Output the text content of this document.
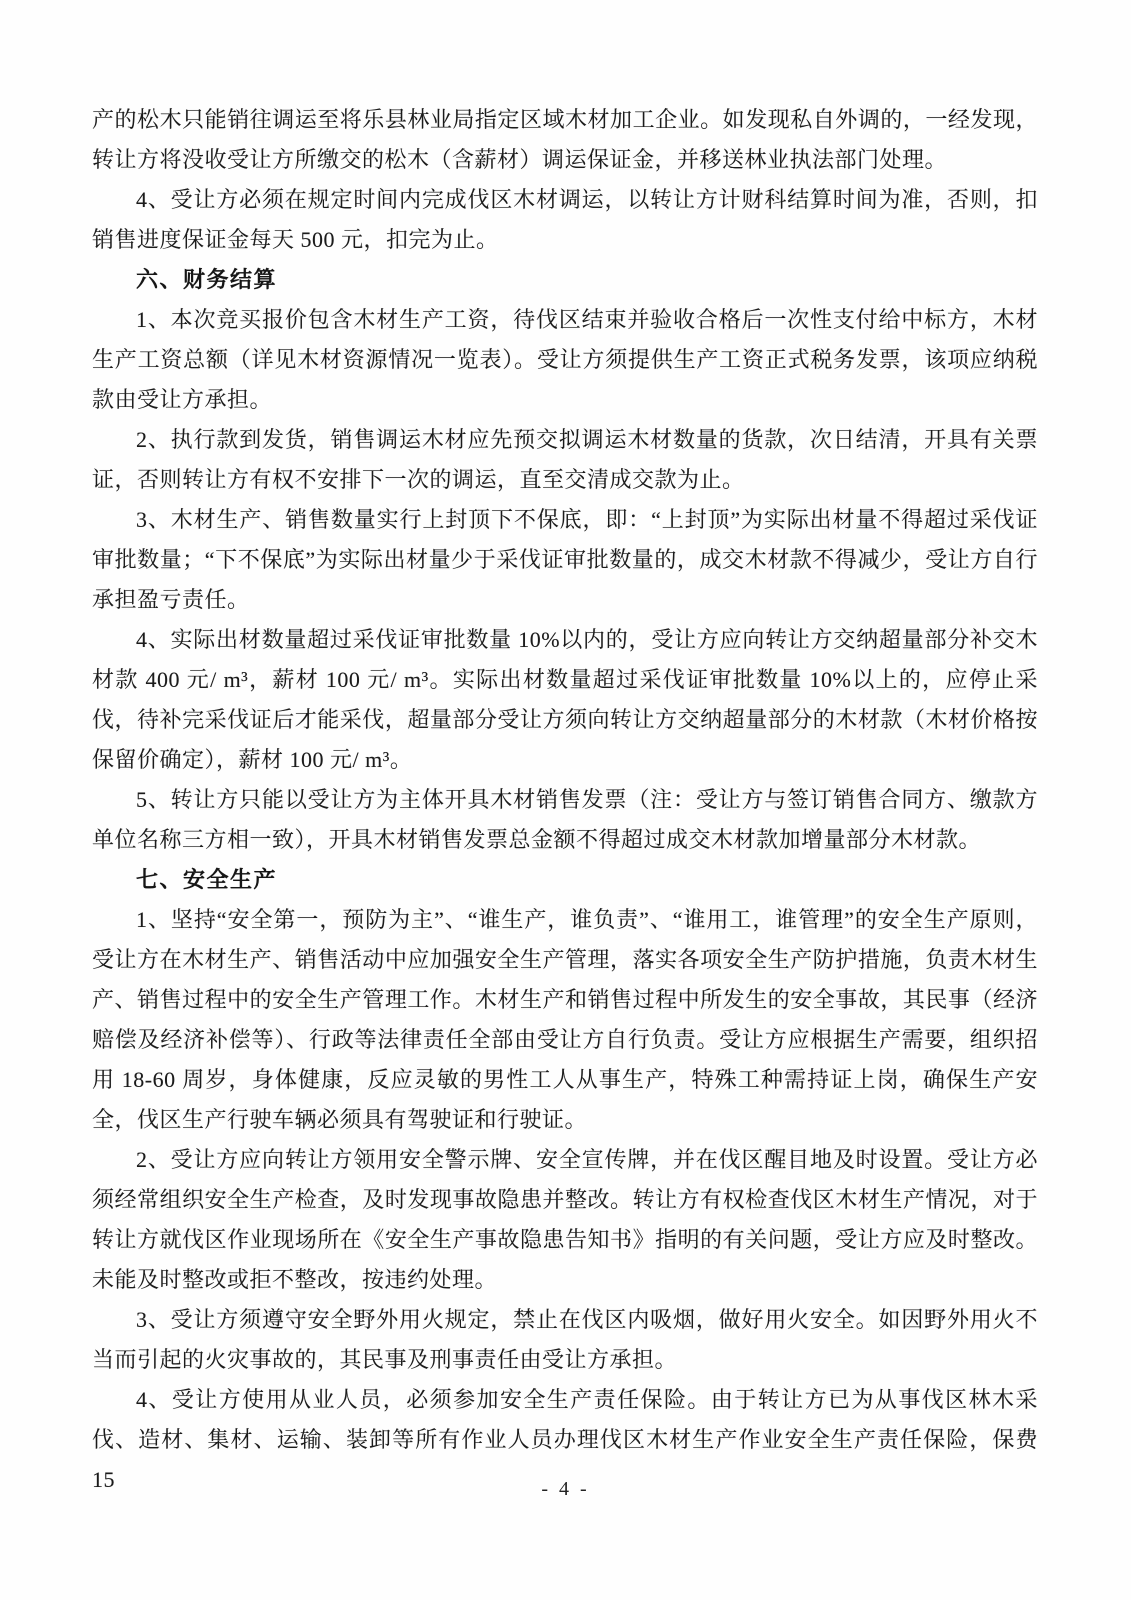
产的松木只能销往调运至将乐县林业局指定区域木材加工企业。如发现私自外调的，一经发现，转让方将没收受让方所缴交的松木（含薪材）调运保证金，并移送林业执法部门处理。

4、受让方必须在规定时间内完成伐区木材调运，以转让方计财科结算时间为准，否则，扣销售进度保证金每天 500 元，扣完为止。

六、财务结算

1、本次竞买报价包含木材生产工资，待伐区结束并验收合格后一次性支付给中标方，木材生产工资总额（详见木材资源情况一览表）。受让方须提供生产工资正式税务发票，该项应纳税款由受让方承担。

2、执行款到发货，销售调运木材应先预交拟调运木材数量的货款，次日结清，开具有关票证，否则转让方有权不安排下一次的调运，直至交清成交款为止。

3、木材生产、销售数量实行上封顶下不保底，即：“上封顶”为实际出材量不得超过采伐证审批数量；“下不保底”为实际出材量少于采伐证审批数量的，成交木材款不得减少，受让方自行承担盈亏责任。

4、实际出材数量超过采伐证审批数量 10%以内的，受让方应向转让方交纳超量部分补交木材款 400 元/ m³，薪材 100 元/ m³。实际出材数量超过采伐证审批数量 10%以上的，应停止采伐，待补完采伐证后才能采伐，超量部分受让方须向转让方交纳超量部分的木材款（木材价格按保留价确定），薪材 100 元/ m³。

5、转让方只能以受让方为主体开具木材销售发票（注：受让方与签订销售合同方、缴款方单位名称三方相一致），开具木材销售发票总金额不得超过成交木材款加增量部分木材款。

七、安全生产

1、坚持“安全第一，预防为主”、“谁生产，谁负责”、“谁用工，谁管理”的安全生产原则，受让方在木材生产、销售活动中应加强安全生产管理，落实各项安全生产防护措施，负责木材生产、销售过程中的安全生产管理工作。木材生产和销售过程中所发生的安全事故，其民事（经济赔偿及经济补偿等）、行政等法律责任全部由受让方自行负责。受让方应根据生产需要，组织招用 18-60 周岁，身体健康，反应灵敏的男性工人从事生产，特殊工种需持证上岗，确保生产安全，伐区生产行驶车辆必须具有驾驶证和行驶证。

2、受让方应向转让方领用安全警示牌、安全宣传牌，并在伐区醒目地及时设置。受让方必须经常组织安全生产检查，及时发现事故隐患并整改。转让方有权检查伐区木材生产情况，对于转让方就伐区作业现场所在《安全生产事故隐患告知书》指明的有关问题，受让方应及时整改。未能及时整改或拒不整改，按违约处理。

3、受让方须遵守安全野外用火规定，禁止在伐区内吸烟，做好用火安全。如因野外用火不当而引起的火灾事故的，其民事及刑事责任由受让方承担。

4、受让方使用从业人员，必须参加安全生产责任保险。由于转让方已为从事伐区林木采伐、造材、集材、运输、装卸等所有作业人员办理伐区木材生产作业安全生产责任保险，保费 15	- 4 -
